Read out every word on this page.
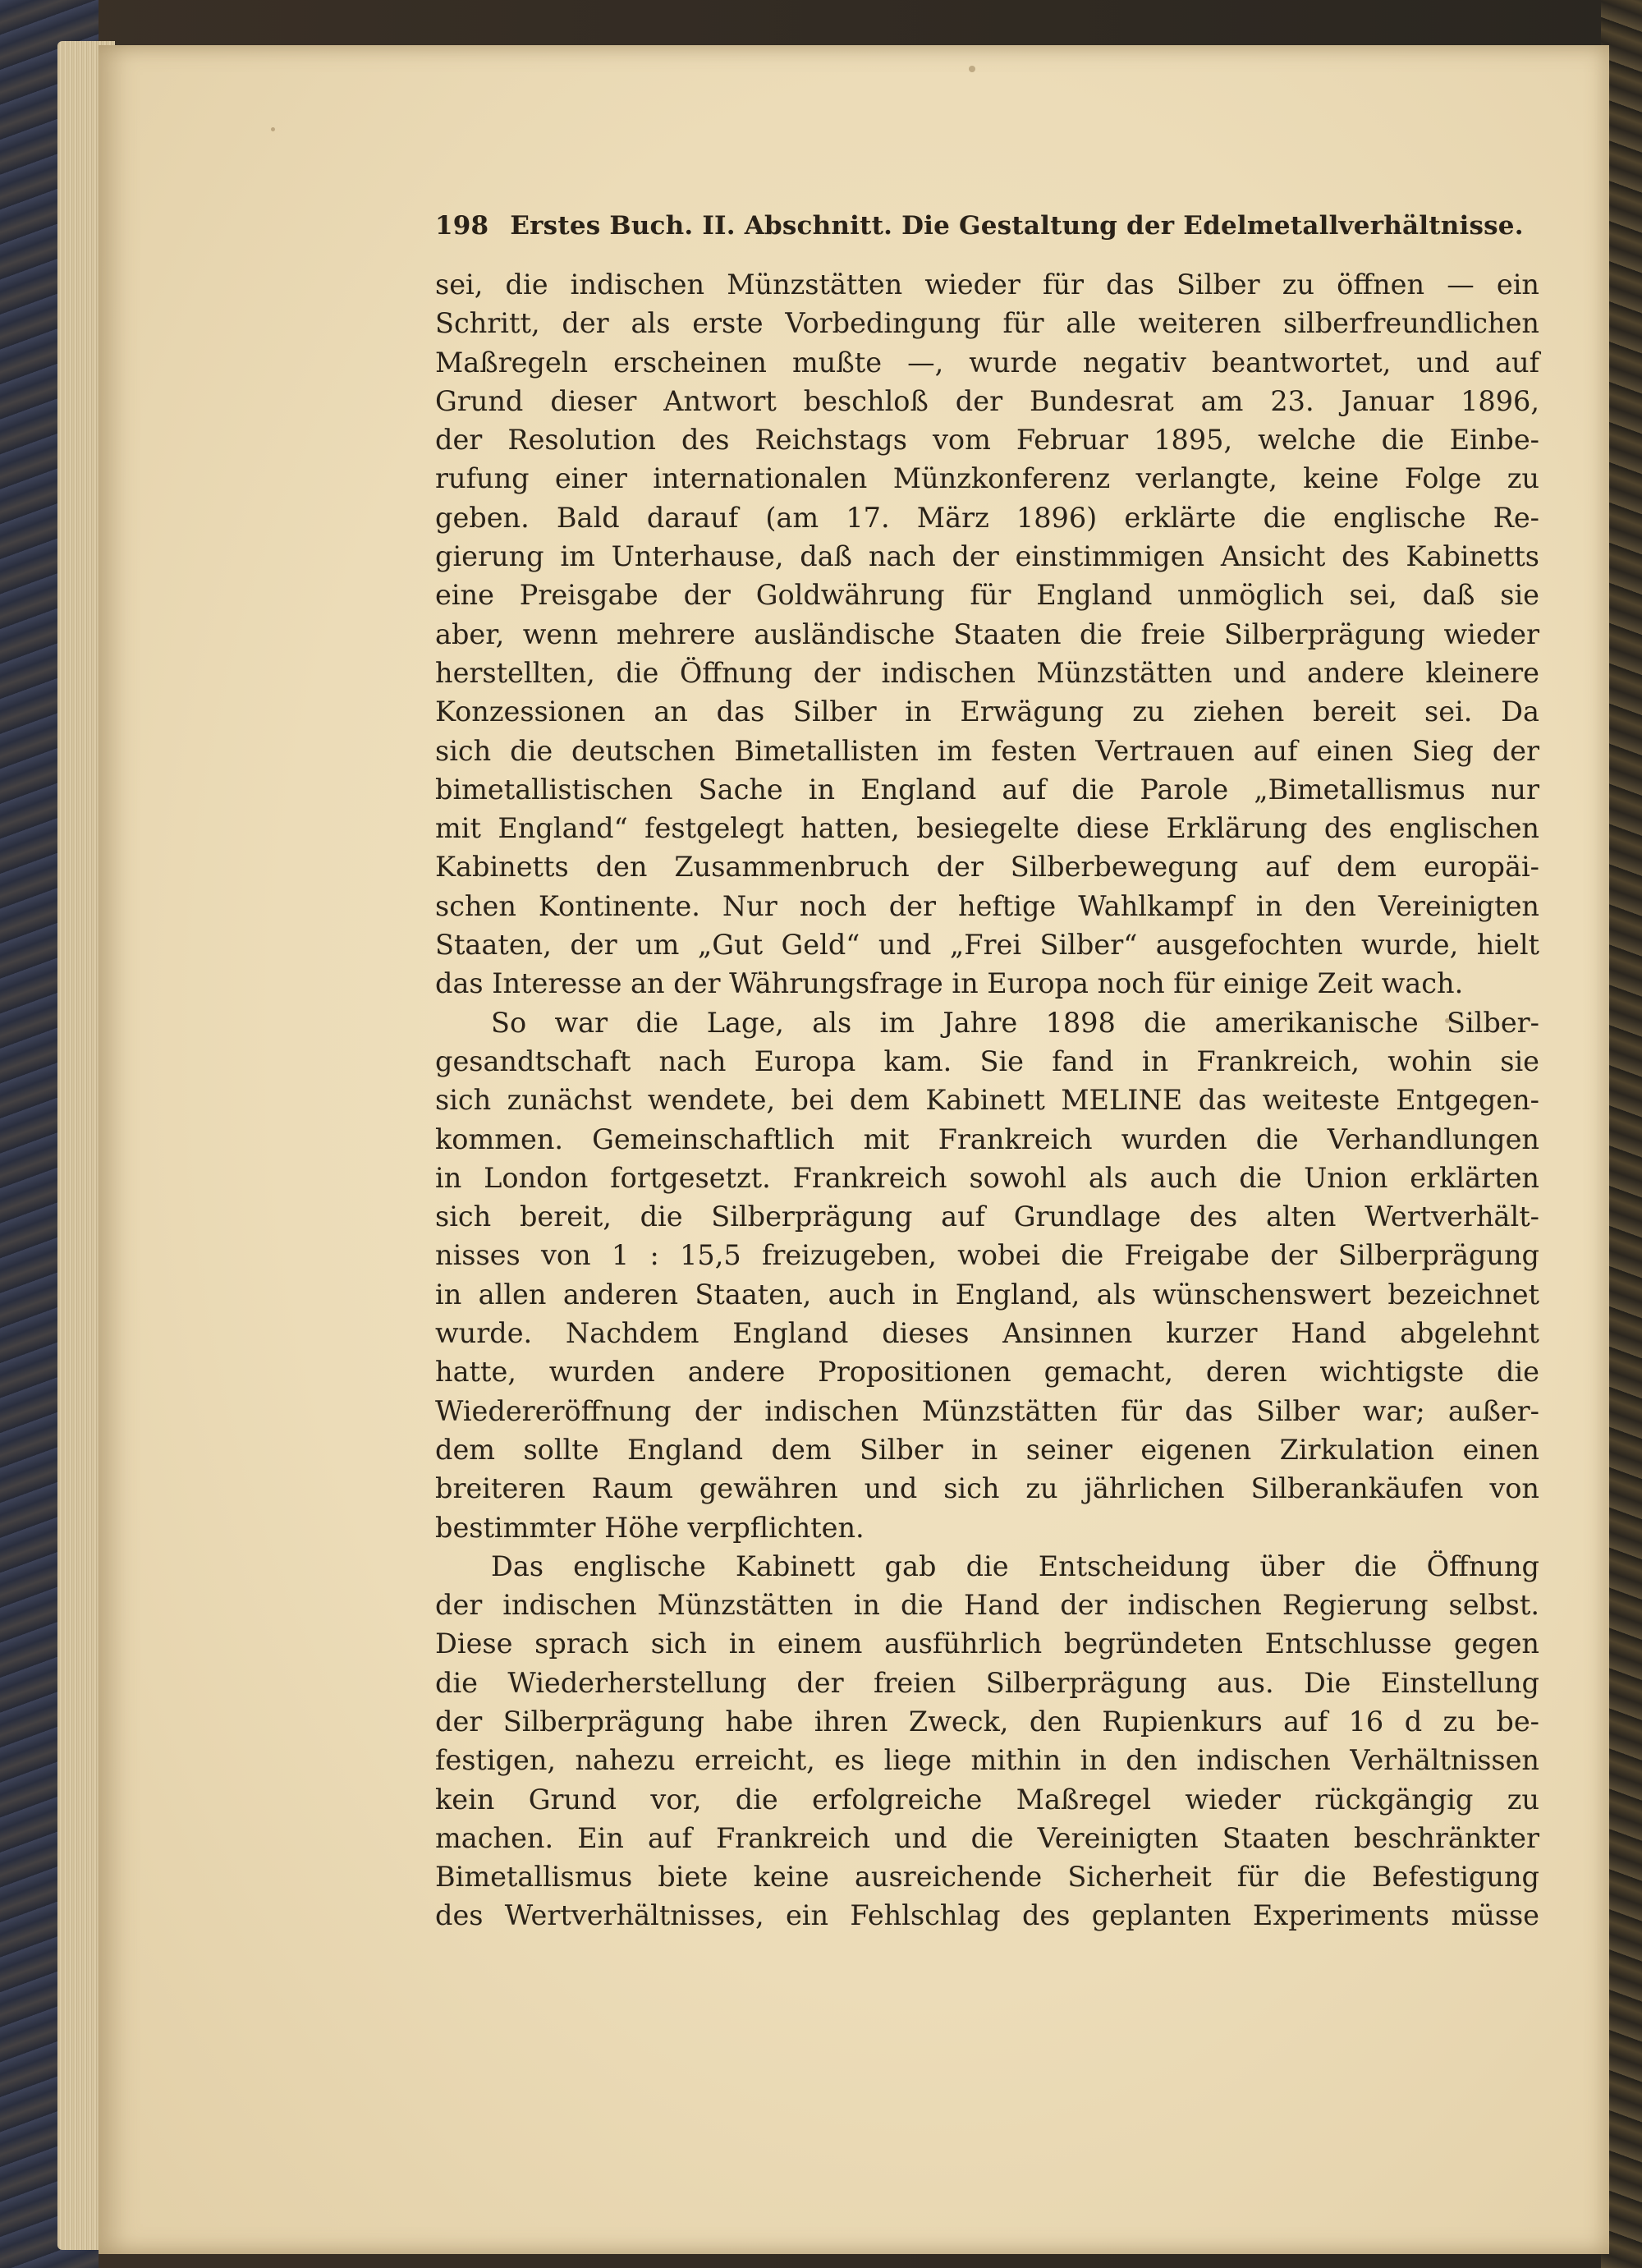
198 Erstes Buch. II. Abschnitt. Die Gestaltung der Edelmetallverhältnisse.

sei, die indischen Münzstätten wieder für das Silber zu öffnen — ein
Schritt, der als erste Vorbedingung für alle weiteren silberfreundlichen
Maßregeln erscheinen mußte —, wurde negativ beantwortet, und auf
Grund dieser Antwort beschloß der Bundesrat am 23. Januar 1896,
der Resolution des Reichstags vom Februar 1895, welche die Einbe-
rufung einer internationalen Münzkonferenz verlangte, keine Folge zu
geben. Bald darauf (am 17. März 1896) erklärte die englische Re-
gierung im Unterhause, daß nach der einstimmigen Ansicht des Kabinetts
eine Preisgabe der Goldwährung für England unmöglich sei, daß sie
aber, wenn mehrere ausländische Staaten die freie Silberprägung wieder
herstellten, die Öffnung der indischen Münzstätten und andere kleinere
Konzessionen an das Silber in Erwägung zu ziehen bereit sei. Da
sich die deutschen Bimetallisten im festen Vertrauen auf einen Sieg der
bimetallistischen Sache in England auf die Parole „Bimetallismus nur
mit England“ festgelegt hatten, besiegelte diese Erklärung des englischen
Kabinetts den Zusammenbruch der Silberbewegung auf dem europäi-
schen Kontinente. Nur noch der heftige Wahlkampf in den Vereinigten
Staaten, der um „Gut Geld“ und „Frei Silber“ ausgefochten wurde, hielt
das Interesse an der Währungsfrage in Europa noch für einige Zeit wach.

So war die Lage, als im Jahre 1898 die amerikanische Silber-
gesandtschaft nach Europa kam. Sie fand in Frankreich, wohin sie
sich zunächst wendete, bei dem Kabinett MELINE das weiteste Entgegen-
kommen. Gemeinschaftlich mit Frankreich wurden die Verhandlungen
in London fortgesetzt. Frankreich sowohl als auch die Union erklärten
sich bereit, die Silberprägung auf Grundlage des alten Wertverhält-
nisses von 1 : 15,5 freizugeben, wobei die Freigabe der Silberprägung
in allen anderen Staaten, auch in England, als wünschenswert bezeichnet
wurde. Nachdem England dieses Ansinnen kurzer Hand abgelehnt
hatte, wurden andere Propositionen gemacht, deren wichtigste die
Wiedereröffnung der indischen Münzstätten für das Silber war; außer-
dem sollte England dem Silber in seiner eigenen Zirkulation einen
breiteren Raum gewähren und sich zu jährlichen Silberankäufen von
bestimmter Höhe verpflichten.

Das englische Kabinett gab die Entscheidung über die Öffnung
der indischen Münzstätten in die Hand der indischen Regierung selbst.
Diese sprach sich in einem ausführlich begründeten Entschlusse gegen
die Wiederherstellung der freien Silberprägung aus. Die Einstellung
der Silberprägung habe ihren Zweck, den Rupienkurs auf 16 d zu be-
festigen, nahezu erreicht, es liege mithin in den indischen Verhältnissen
kein Grund vor, die erfolgreiche Maßregel wieder rückgängig zu
machen. Ein auf Frankreich und die Vereinigten Staaten beschränkter
Bimetallismus biete keine ausreichende Sicherheit für die Befestigung
des Wertverhältnisses, ein Fehlschlag des geplanten Experiments müsse
